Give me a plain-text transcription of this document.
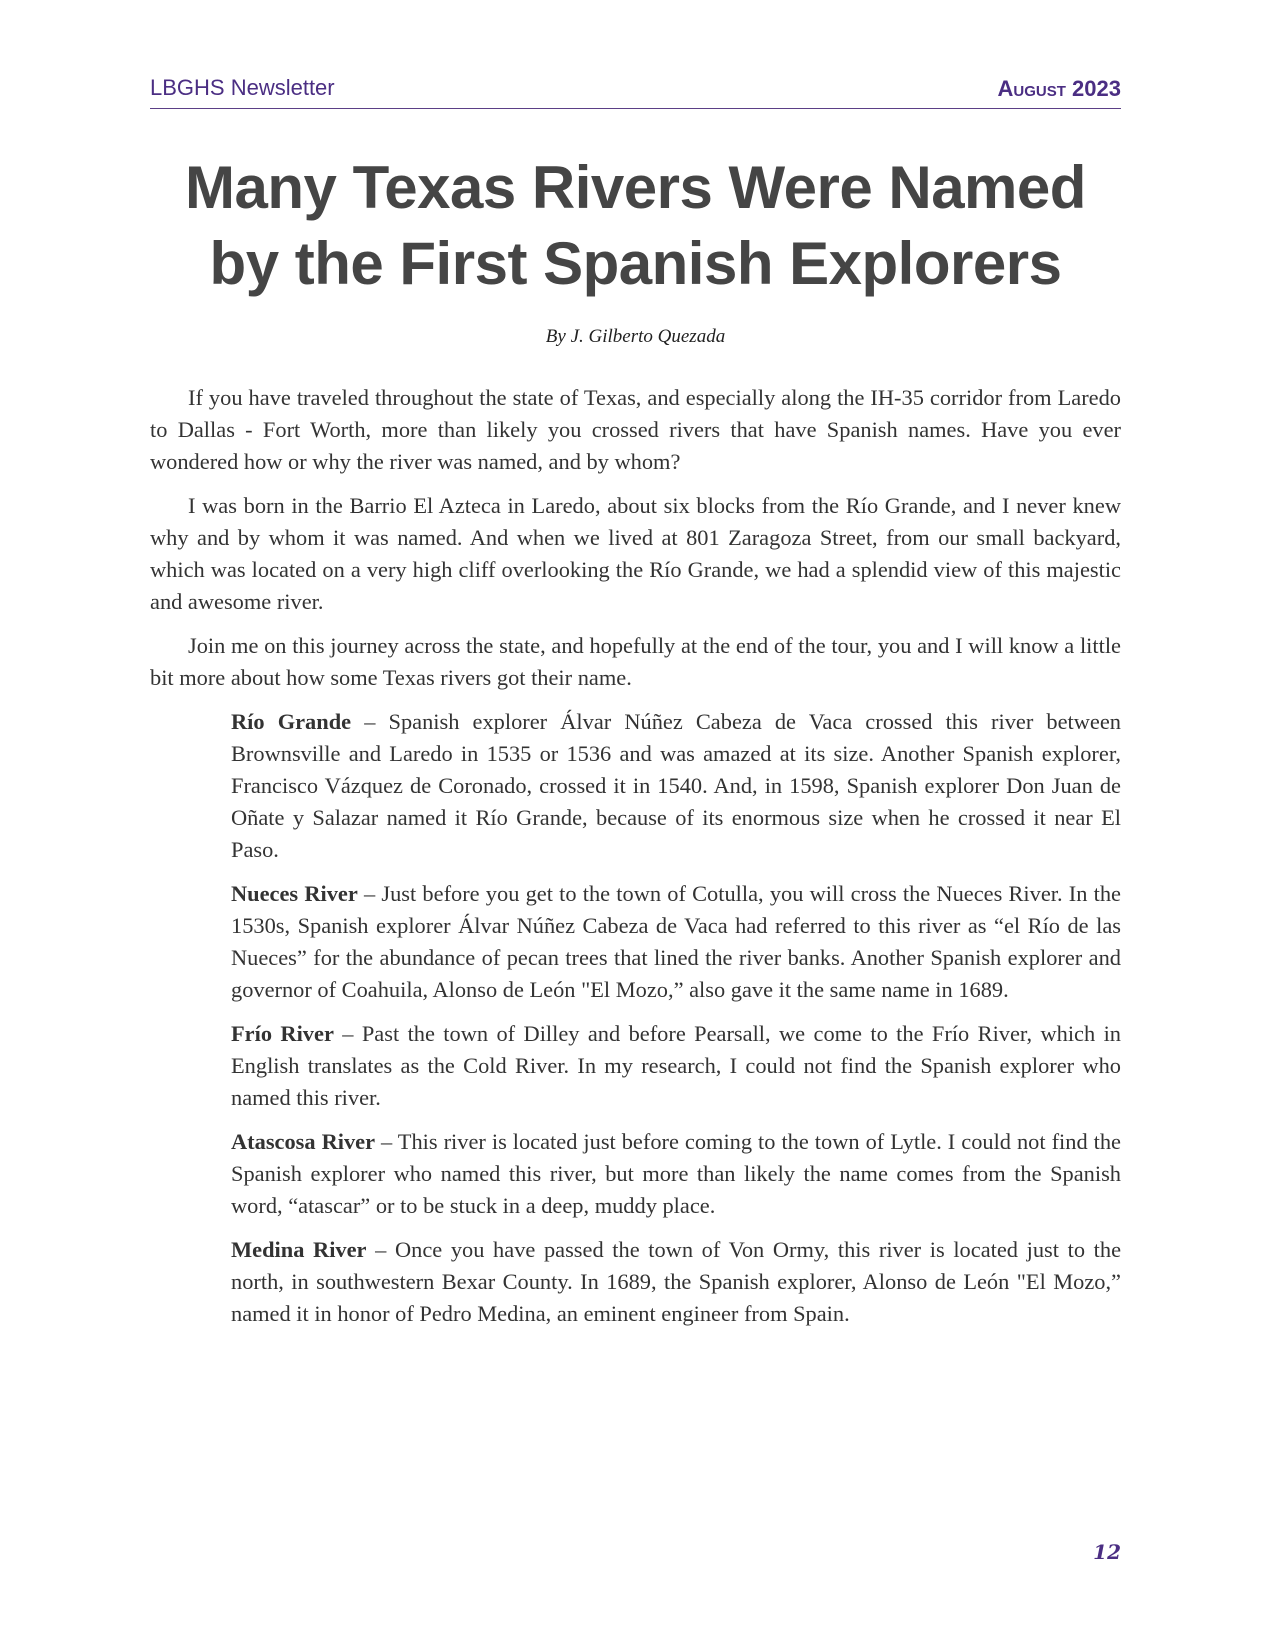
LBGHS Newsletter	August 2023
Many Texas Rivers Were Named by the First Spanish Explorers
By J. Gilberto Quezada

If you have traveled throughout the state of Texas, and especially along the IH-35 corridor from Laredo to Dallas - Fort Worth, more than likely you crossed rivers that have Spanish names. Have you ever wondered how or why the river was named, and by whom?

I was born in the Barrio El Azteca in Laredo, about six blocks from the Río Grande, and I never knew why and by whom it was named. And when we lived at 801 Zaragoza Street, from our small backyard, which was located on a very high cliff overlooking the Río Grande, we had a splendid view of this majestic and awesome river.

Join me on this journey across the state, and hopefully at the end of the tour, you and I will know a little bit more about how some Texas rivers got their name.

Río Grande – Spanish explorer Álvar Núñez Cabeza de Vaca crossed this river between Brownsville and Laredo in 1535 or 1536 and was amazed at its size. Another Spanish explorer, Francisco Vázquez de Coronado, crossed it in 1540. And, in 1598, Spanish explorer Don Juan de Oñate y Salazar named it Río Grande, because of its enormous size when he crossed it near El Paso.

Nueces River – Just before you get to the town of Cotulla, you will cross the Nueces River. In the 1530s, Spanish explorer Álvar Núñez Cabeza de Vaca had referred to this river as “el Río de las Nueces” for the abundance of pecan trees that lined the river banks. Another Spanish explorer and governor of Coahuila, Alonso de León "El Mozo,” also gave it the same name in 1689.

Frío River – Past the town of Dilley and before Pearsall, we come to the Frío River, which in English translates as the Cold River. In my research, I could not find the Spanish explorer who named this river.

Atascosa River – This river is located just before coming to the town of Lytle. I could not find the Spanish explorer who named this river, but more than likely the name comes from the Spanish word, “atascar” or to be stuck in a deep, muddy place.

Medina River – Once you have passed the town of Von Ormy, this river is located just to the north, in southwestern Bexar County. In 1689, the Spanish explorer, Alonso de León "El Mozo,” named it in honor of Pedro Medina, an eminent engineer from Spain.

12
